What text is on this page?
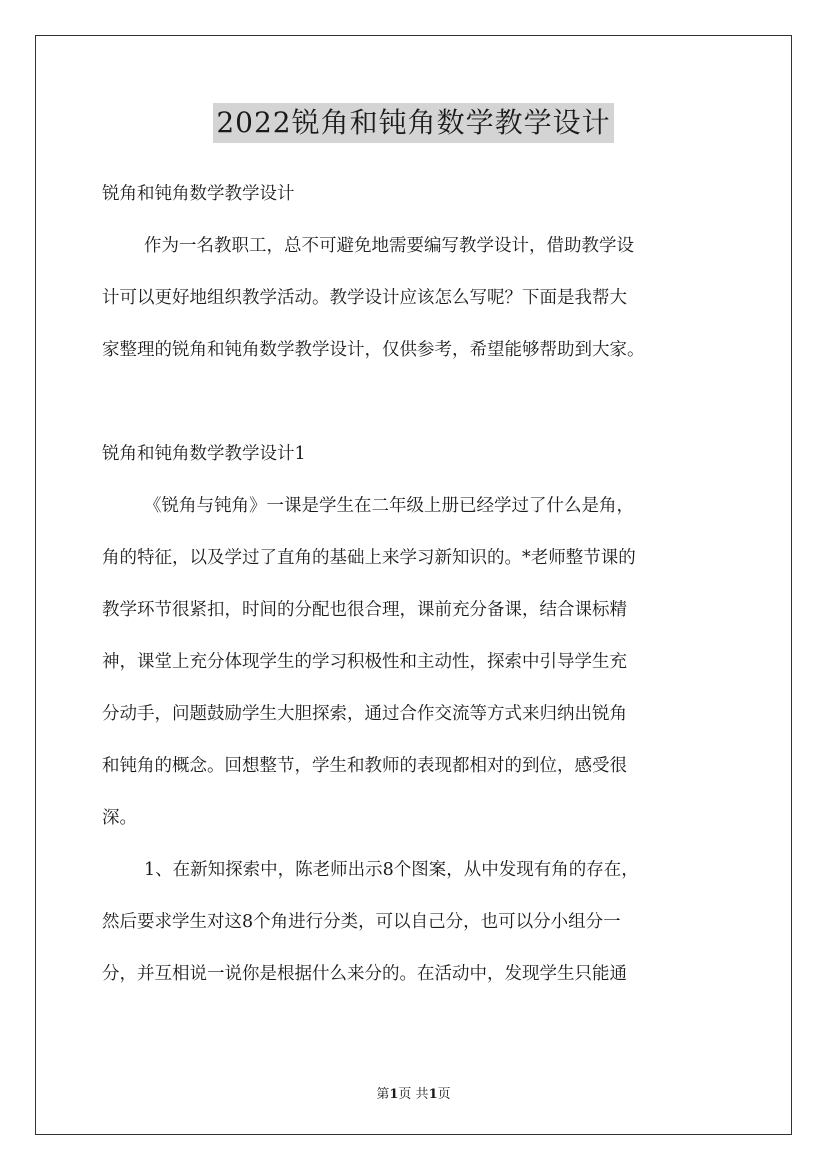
2022锐角和钝角数学教学设计

锐角和钝角数学教学设计

作为一名教职工，总不可避免地需要编写教学设计，借助教学设

计可以更好地组织教学活动。教学设计应该怎么写呢？下面是我帮大

家整理的锐角和钝角数学教学设计，仅供参考，希望能够帮助到大家。

锐角和钝角数学教学设计1

《锐角与钝角》一课是学生在二年级上册已经学过了什么是角，

角的特征，以及学过了直角的基础上来学习新知识的。*老师整节课的

教学环节很紧扣，时间的分配也很合理，课前充分备课，结合课标精

神，课堂上充分体现学生的学习积极性和主动性，探索中引导学生充

分动手，问题鼓励学生大胆探索，通过合作交流等方式来归纳出锐角

和钝角的概念。回想整节，学生和教师的表现都相对的到位，感受很

深。

1、在新知探索中，陈老师出示8个图案，从中发现有角的存在，

然后要求学生对这8个角进行分类，可以自己分，也可以分小组分一

分，并互相说一说你是根据什么来分的。在活动中，发现学生只能通

第1页 共1页
